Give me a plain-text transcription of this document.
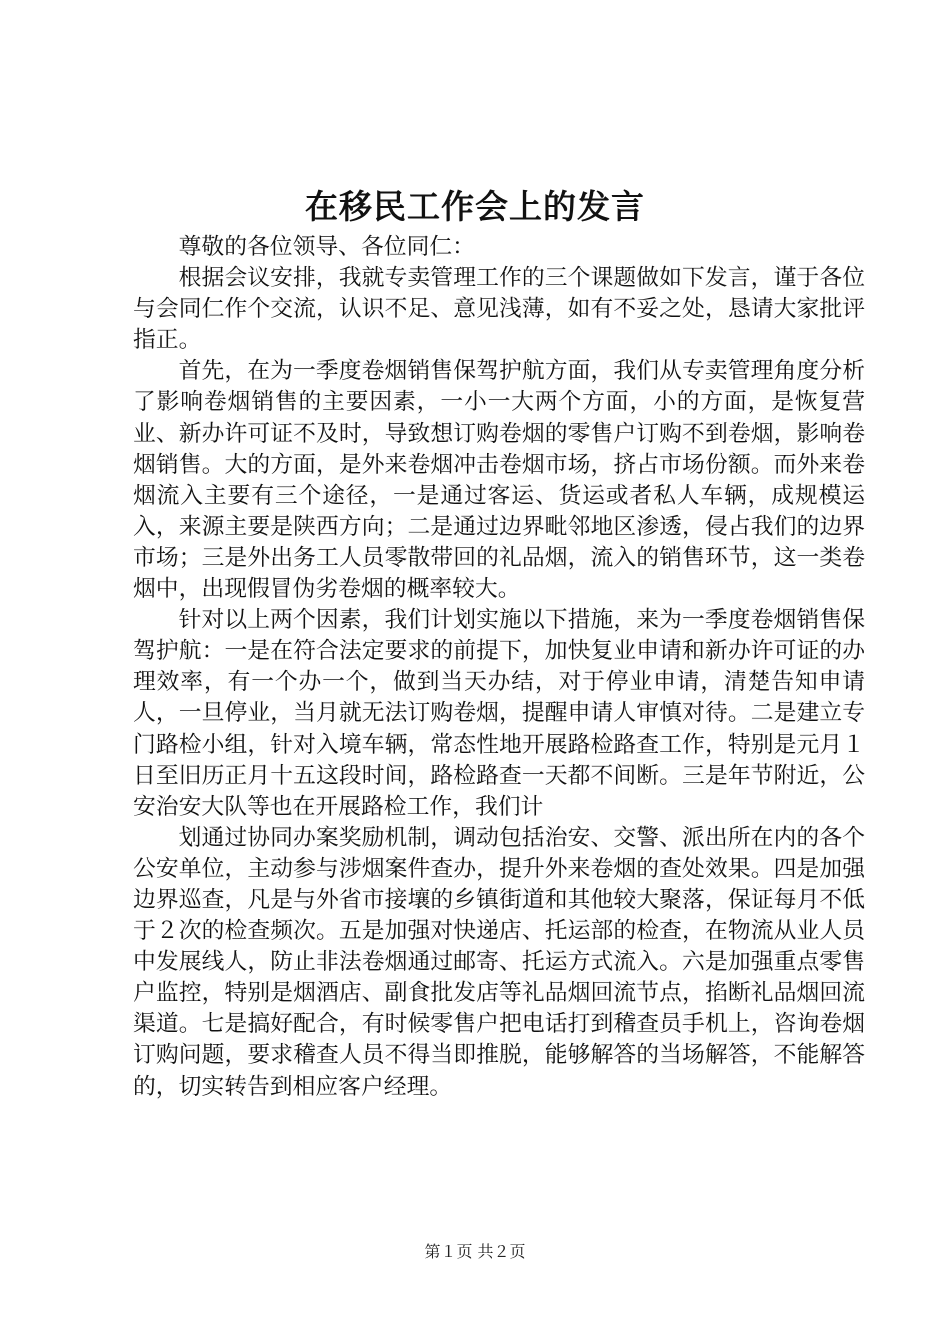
在移民工作会上的发言

尊敬的各位领导、各位同仁：

根据会议安排，我就专卖管理工作的三个课题做如下发言，谨于各位与会同仁作个交流，认识不足、意见浅薄，如有不妥之处，恳请大家批评指正。

首先，在为一季度卷烟销售保驾护航方面，我们从专卖管理角度分析了影响卷烟销售的主要因素，一小一大两个方面，小的方面，是恢复营业、新办许可证不及时，导致想订购卷烟的零售户订购不到卷烟，影响卷烟销售。大的方面，是外来卷烟冲击卷烟市场，挤占市场份额。而外来卷烟流入主要有三个途径，一是通过客运、货运或者私人车辆，成规模运入，来源主要是陕西方向；二是通过边界毗邻地区渗透，侵占我们的边界市场；三是外出务工人员零散带回的礼品烟，流入的销售环节，这一类卷烟中，出现假冒伪劣卷烟的概率较大。

针对以上两个因素，我们计划实施以下措施，来为一季度卷烟销售保驾护航：一是在符合法定要求的前提下，加快复业申请和新办许可证的办理效率，有一个办一个，做到当天办结，对于停业申请，清楚告知申请人，一旦停业，当月就无法订购卷烟，提醒申请人审慎对待。二是建立专门路检小组，针对入境车辆，常态性地开展路检路查工作，特别是元月１日至旧历正月十五这段时间，路检路查一天都不间断。三是年节附近，公安治安大队等也在开展路检工作，我们计

划通过协同办案奖励机制，调动包括治安、交警、派出所在内的各个公安单位，主动参与涉烟案件查办，提升外来卷烟的查处效果。四是加强边界巡查，凡是与外省市接壤的乡镇街道和其他较大聚落，保证每月不低于２次的检查频次。五是加强对快递店、托运部的检查，在物流从业人员中发展线人，防止非法卷烟通过邮寄、托运方式流入。六是加强重点零售户监控，特别是烟酒店、副食批发店等礼品烟回流节点，掐断礼品烟回流渠道。七是搞好配合，有时候零售户把电话打到稽查员手机上，咨询卷烟订购问题，要求稽查人员不得当即推脱，能够解答的当场解答，不能解答的，切实转告到相应客户经理。

第１页 共２页
